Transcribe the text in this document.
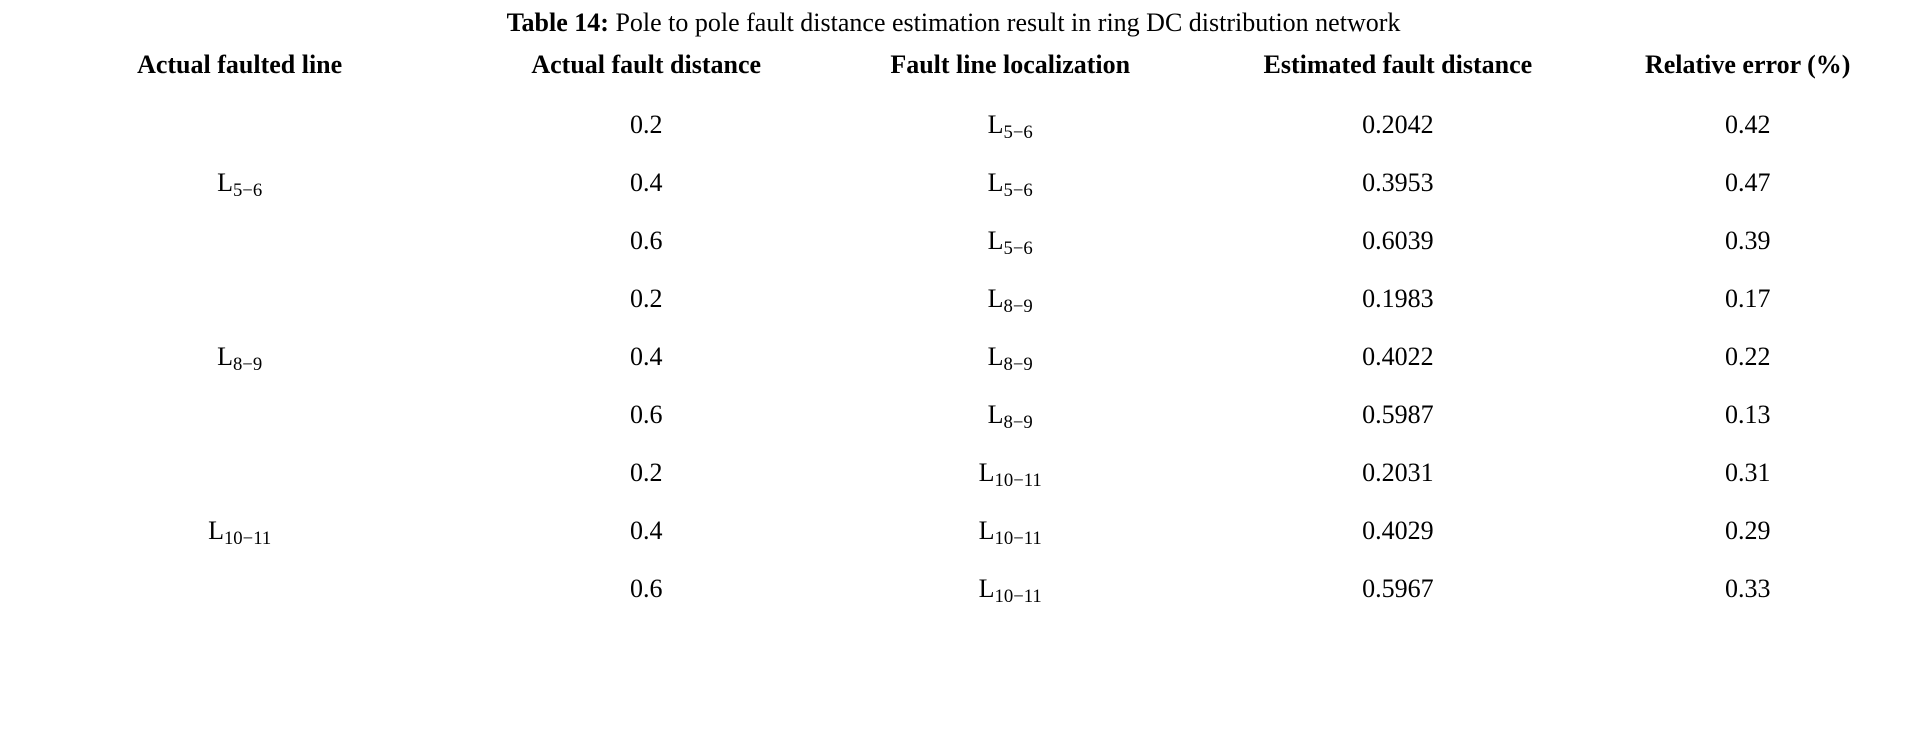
Table 14: Pole to pole fault distance estimation result in ring DC distribution network

Actual faulted line	Actual fault distance	Fault line localization	Estimated fault distance	Relative error (%)

$L_{5-6}$	0.2	$L_{5-6}$	0.2042	0.42
	0.4	$L_{5-6}$	0.3953	0.47
	0.6	$L_{5-6}$	0.6039	0.39
$L_{8-9}$	0.2	$L_{8-9}$	0.1983	0.17
	0.4	$L_{8-9}$	0.4022	0.22
	0.6	$L_{8-9}$	0.5987	0.13
$L_{10-11}$	0.2	$L_{10-11}$	0.2031	0.31
	0.4	$L_{10-11}$	0.4029	0.29
	0.6	$L_{10-11}$	0.5967	0.33
